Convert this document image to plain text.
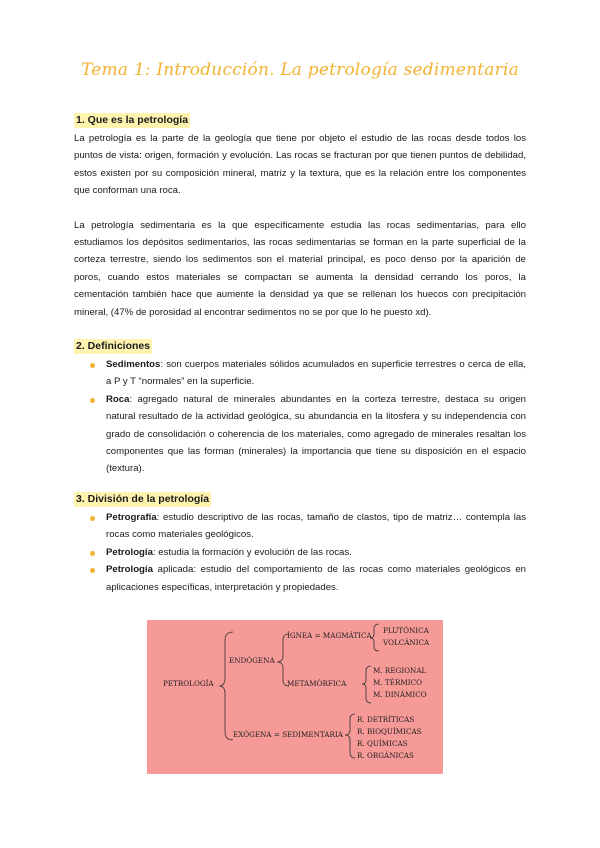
Tema 1: Introducción. La petrología sedimentaria
1. Que es la petrología

La petrología es la parte de la geología que tiene por objeto el estudio de las rocas desde todos los puntos de vista: origen, formación y evolución. Las rocas se fracturan por que tienen puntos de debilidad, estos existen por su composición mineral, matriz y la textura, que es la relación entre los componentes que conforman una roca.

La petrología sedimentaria es la que específicamente estudia las rocas sedimentarias, para ello estudiamos los depósitos sedimentarios, las rocas sedimentarias se forman en la parte superficial de la corteza terrestre, siendo los sedimentos son el material principal, es poco denso por la aparición de poros, cuando estos materiales se compactan se aumenta la densidad cerrando los poros, la cementación también hace que aumente la densidad ya que se rellenan los huecos con precipitación mineral, (47% de porosidad al encontrar sedimentos no se por que lo he puesto xd).

2. Definiciones
Sedimentos: son cuerpos materiales sólidos acumulados en superficie terrestres o cerca de ella, a P y T “normales” en la superficie.
Roca: agregado natural de minerales abundantes en la corteza terrestre, destaca su origen natural resultado de la actividad geológica, su abundancia en la litosfera y su independencia con grado de consolidación o coherencia de los materiales, como agregado de minerales resaltan los componentes que las forman (minerales) la importancia que tiene su disposición en el espacio (textura).
3. División de la petrología
Petrografía: estudio descriptivo de las rocas, tamaño de clastos, tipo de matriz… contempla las rocas como materiales geológicos.
Petrología: estudia la formación y evolución de las rocas.
Petrología aplicada: estudio del comportamiento de las rocas como materiales geológicos en aplicaciones específicas, interpretación y propiedades.
PETROLOGÍA
ENDÓGENA
ÍGNEA = MAGMÁTICA
PLUTÓNICA
VOLCÁNICA
METAMÓRFICA
M. REGIONAL
M. TÉRMICO
M. DINÁMICO
EXÓGENA = SEDIMENTARIA
R. DETRÍTICAS
R. BIOQUÍMICAS
R. QUÍMICAS
R. ORGÁNICAS
